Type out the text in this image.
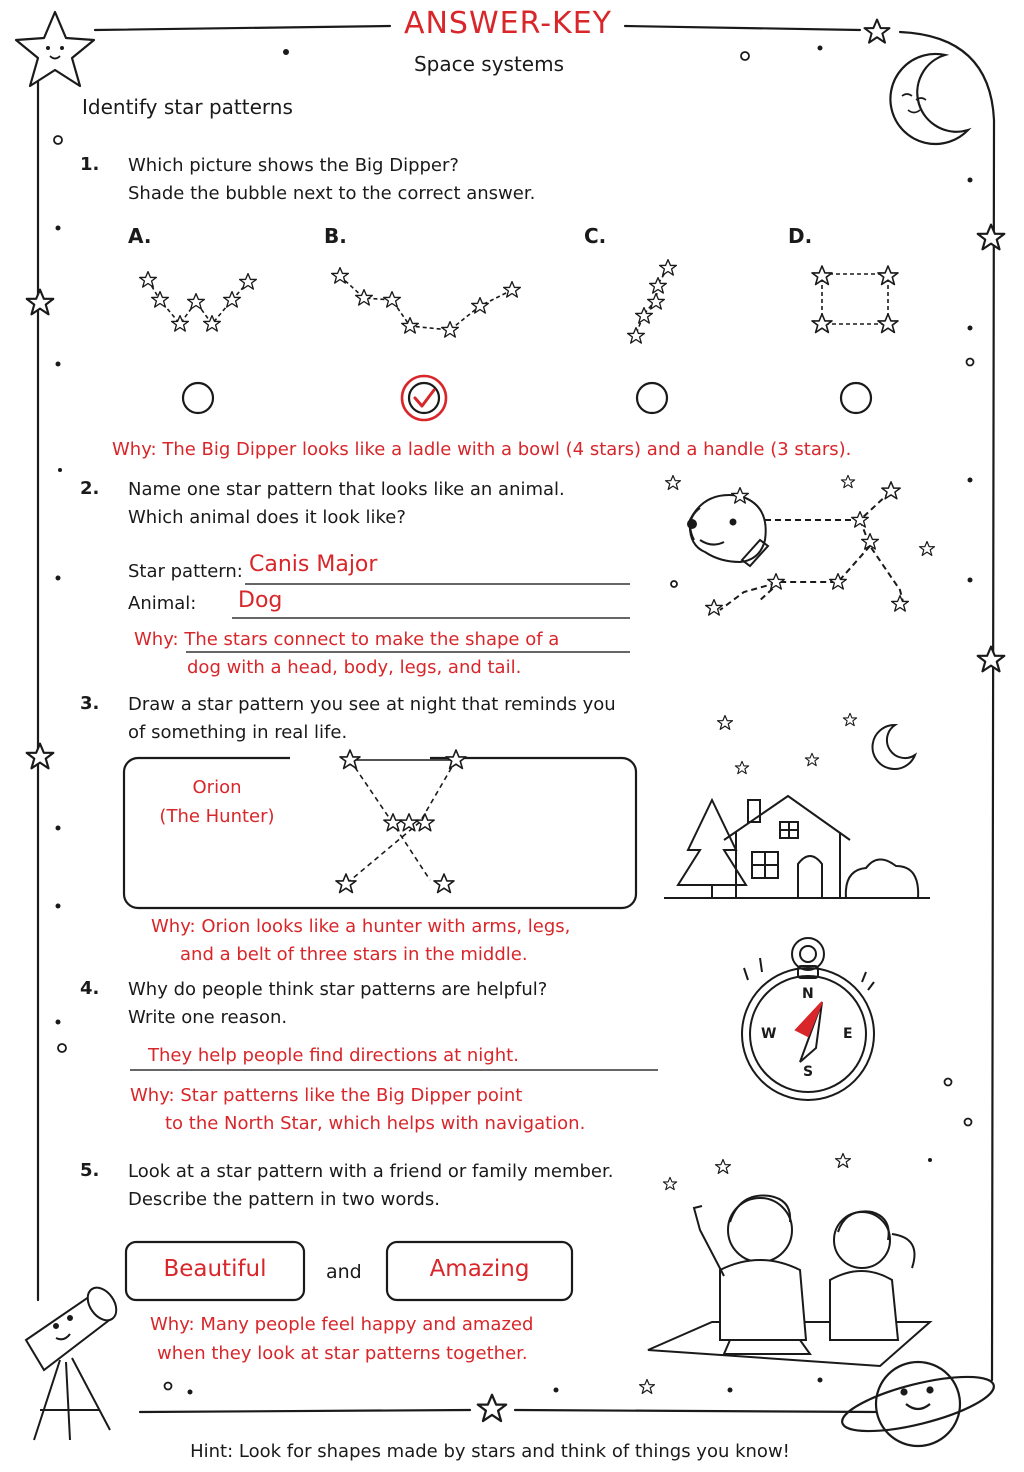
ANSWER-KEY
Space systems
Identify star patterns
1. Which picture shows the Big Dipper?
Shade the bubble next to the correct answer.
A.	B.	C.	D.
Why: The Big Dipper looks like a ladle with a bowl (4 stars) and a handle (3 stars).
2. Name one star pattern that looks like an animal.
Which animal does it look like?
Star pattern: Canis Major
Animal: Dog
Why: The stars connect to make the shape of a
dog with a head, body, legs, and tail.
3. Draw a star pattern you see at night that reminds you
of something in real life.
Orion
(The Hunter)
Why: Orion looks like a hunter with arms, legs,
and a belt of three stars in the middle.
4. Why do people think star patterns are helpful?
Write one reason.
They help people find directions at night.
Why: Star patterns like the Big Dipper point
to the North Star, which helps with navigation.
N
S
E
W
5. Look at a star pattern with a friend or family member.
Describe the pattern in two words.
Beautiful	and	Amazing
Why: Many people feel happy and amazed
when they look at star patterns together.
Hint: Look for shapes made by stars and think of things you know!
